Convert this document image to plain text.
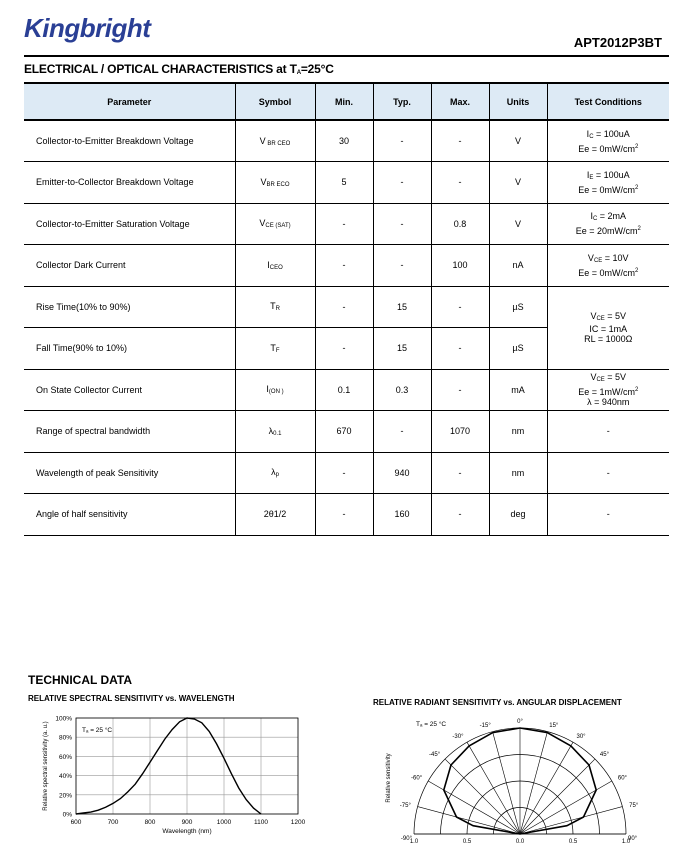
Kingbright	APT2012P3BT
ELECTRICAL / OPTICAL CHARACTERISTICS at $T_A=25^\circ C$
Parameter	Symbol	Min.	Typ.	Max.	Units	Test Conditions
Collector-to-Emitter Breakdown Voltage	V $_{BR CEO}$	30	-	-	V	$I_C = 100uA$
$Ee = 0mW/cm^2$
Emitter-to-Collector Breakdown Voltage	$V_{BR ECO}$	5	-	-	V	$I_E = 100uA$
$Ee = 0mW/cm^2$
Collector-to-Emitter Saturation Voltage	$V_{CE (SAT)}$	-	-	0.8	V	$I_C = 2mA$
$Ee = 20mW/cm^2$
Collector Dark Current	$I_{CEO}$	-	-	100	nA	$V_{CE} = 10V$
$Ee = 0mW/cm^2$
Rise Time(10% to 90%)	$T_R$	-	15	-	µS	$V_{CE} = 5V$
IC = 1mA
RL = 1000Ω
Fall Time(90% to 10%)	$T_F$	-	15	-	µS	
On State Collector Current	$I_{(ON )}$	0.1	0.3	-	mA	$V_{CE} = 5V$
$Ee = 1mW/cm^2$
λ = 940nm
Range of spectral bandwidth	$\lambda_{0.1}$	670	-	1070	nm	-
Wavelength of peak Sensitivity	$\lambda_p$	-	940	-	nm	-
Angle of half sensitivity	2θ1/2	-	160	-	deg	-
TECHNICAL DATA
RELATIVE SPECTRAL SENSITIVITY vs. WAVELENGTH	RELATIVE RADIANT SENSITIVITY vs. ANGULAR DISPLACEMENT
600	700	800	900	1000	1100	1200
0%
20%
40%
60%
80%
100%
Tₐ = 25 °C
Wavelength (nm)
Relative spectral sensitivity (a. u.)
-90°
-75°
-60°
-45°
-30°
-15°
0°
15°
30°
45°
60°
75°
90°
1.0	0.5	0.0	0.5	1.0
Tₐ = 25 °C
Relative sensitivity
